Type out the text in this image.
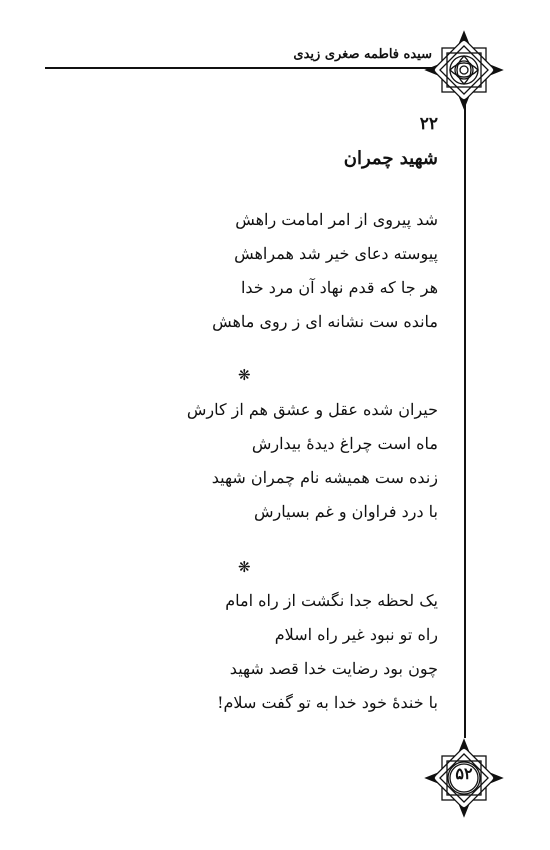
سیده فاطمه صغری زیدی
۵۲
۲۲
شهید چمران
شد پیروی از امر امامت راهش
پیوسته دعای خیر شد همراهش
هر جا که قدم نهاد آن مرد خدا
مانده ست نشانه ای ز روی ماهش
❋
حیران شده عقل و عشق هم از کارش
ماه است چراغ دیدهٔ بیدارش
زنده ست همیشه نام چمران شهید
با درد فراوان و غم بسیارش
❋
یک لحظه جدا نگشت از راه امام
راه تو نبود غیر راه اسلام
چون بود رضایت خدا قصد شهید
با خندهٔ خود خدا به تو گفت سلام!
